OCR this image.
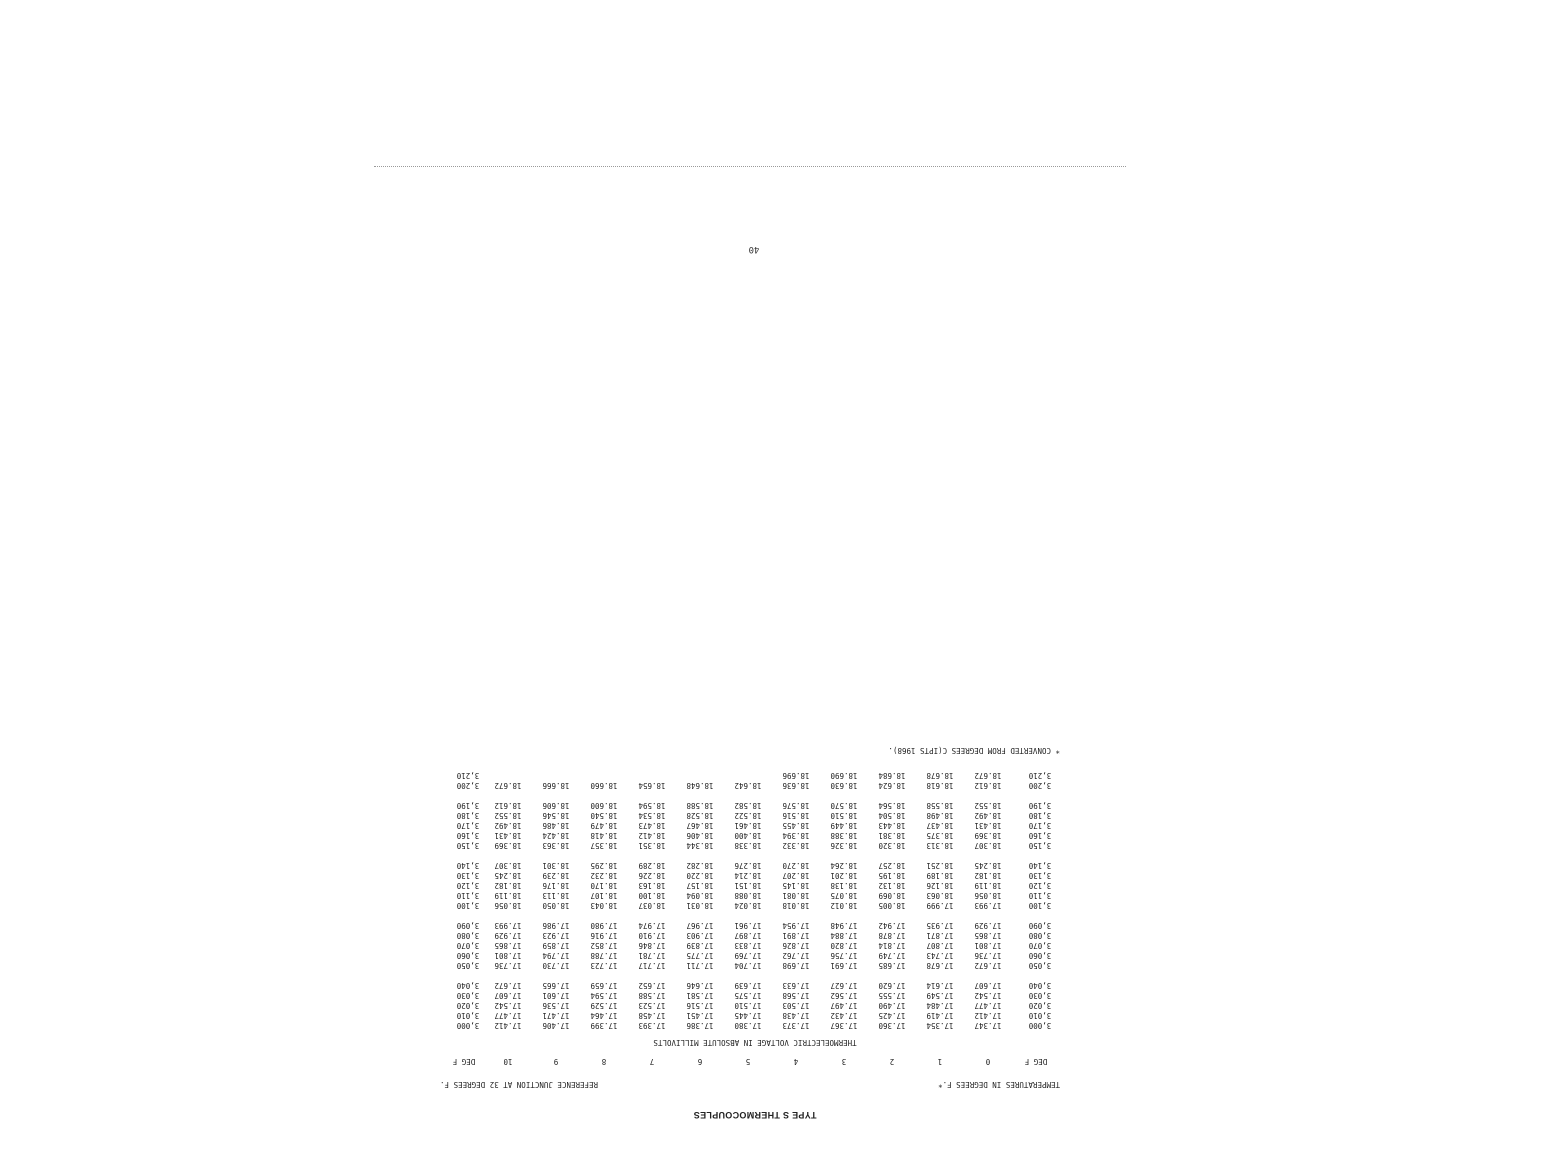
40
TYPE S THERMOCOUPLES
TEMPERATURES IN DEGREES F.*
REFERENCE JUNCTION AT 32 DEGREES F.
DEG F
0
1
2
3
4
5
6
7
8
9
10
DEG F
THERMOELECTRIC VOLTAGE IN ABSOLUTE MILLIVOLTS
3,000
17.347
17.354
17.360
17.367
17.373
17.380
17.386
17.393
17.399
17.406
17.412
3,000
3,010
17.412
17.419
17.425
17.432
17.438
17.445
17.451
17.458
17.464
17.471
17.477
3,010
3,020
17.477
17.484
17.490
17.497
17.503
17.510
17.516
17.523
17.529
17.536
17.542
3,020
3,030
17.542
17.549
17.555
17.562
17.568
17.575
17.581
17.588
17.594
17.601
17.607
3,030
3,040
17.607
17.614
17.620
17.627
17.633
17.639
17.646
17.652
17.659
17.665
17.672
3,040
3,050
17.672
17.678
17.685
17.691
17.698
17.704
17.711
17.717
17.723
17.730
17.736
3,050
3,060
17.736
17.743
17.749
17.756
17.762
17.769
17.775
17.781
17.788
17.794
17.801
3,060
3,070
17.801
17.807
17.814
17.820
17.826
17.833
17.839
17.846
17.852
17.859
17.865
3,070
3,080
17.865
17.871
17.878
17.884
17.891
17.897
17.903
17.910
17.916
17.923
17.929
3,080
3,090
17.929
17.935
17.942
17.948
17.954
17.961
17.967
17.974
17.980
17.986
17.993
3,090
3,100
17.993
17.999
18.005
18.012
18.018
18.024
18.031
18.037
18.043
18.050
18.056
3,100
3,110
18.056
18.063
18.069
18.075
18.081
18.088
18.094
18.100
18.107
18.113
18.119
3,110
3,120
18.119
18.126
18.132
18.138
18.145
18.151
18.157
18.163
18.170
18.176
18.182
3,120
3,130
18.182
18.189
18.195
18.201
18.207
18.214
18.220
18.226
18.232
18.239
18.245
3,130
3,140
18.245
18.251
18.257
18.264
18.270
18.276
18.282
18.289
18.295
18.301
18.307
3,140
3,150
18.307
18.313
18.320
18.326
18.332
18.338
18.344
18.351
18.357
18.363
18.369
3,150
3,160
18.369
18.375
18.381
18.388
18.394
18.400
18.406
18.412
18.418
18.424
18.431
3,160
3,170
18.431
18.437
18.443
18.449
18.455
18.461
18.467
18.473
18.479
18.486
18.492
3,170
3,180
18.492
18.498
18.504
18.510
18.516
18.522
18.528
18.534
18.540
18.546
18.552
3,180
3,190
18.552
18.558
18.564
18.570
18.576
18.582
18.588
18.594
18.600
18.606
18.612
3,190
3,200
18.612
18.618
18.624
18.630
18.636
18.642
18.648
18.654
18.660
18.666
18.672
3,200
3,210
18.672
18.678
18.684
18.690
18.696
3,210
* CONVERTED FROM DEGREES C(IPTS 1968).
